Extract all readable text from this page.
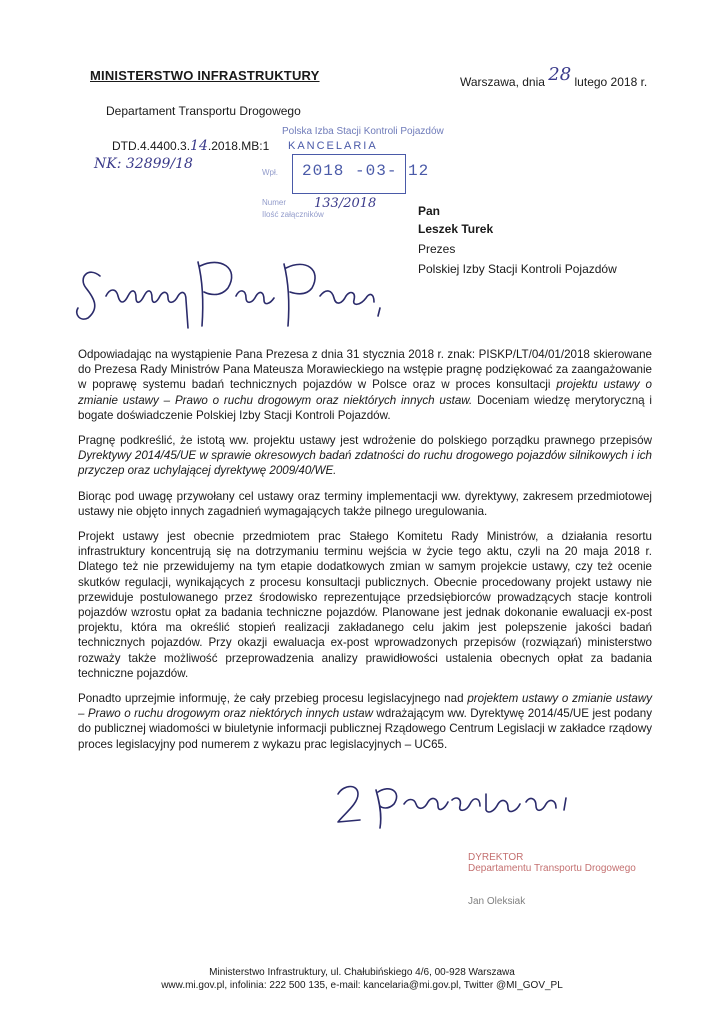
MINISTERSTWO INFRASTRUKTURY	Warszawa, dnia 28 lutego 2018 r.
Departament Transportu Drogowego
DTD.4.4400.3.14.2018.MB:1
NK: 32899/18
Polska Izba Stacji Kontroli Pojazdów
KANCELARIA
Wpł. 2018 -03- 12
Numer 133/2018
Ilość załączników	Pan
Leszek Turek
Prezes
Polskiej Izby Stacji Kontroli Pojazdów

Odpowiadając na wystąpienie Pana Prezesa z dnia 31 stycznia 2018 r. znak: PISKP/LT/04/01/2018 skierowane do Prezesa Rady Ministrów Pana Mateusza Morawieckiego na wstępie pragnę podziękować za zaangażowanie w poprawę systemu badań technicznych pojazdów w Polsce oraz w proces konsultacji projektu ustawy o zmianie ustawy – Prawo o ruchu drogowym oraz niektórych innych ustaw. Doceniam wiedzę merytoryczną i bogate doświadczenie Polskiej Izby Stacji Kontroli Pojazdów.

Pragnę podkreślić, że istotą ww. projektu ustawy jest wdrożenie do polskiego porządku prawnego przepisów Dyrektywy 2014/45/UE w sprawie okresowych badań zdatności do ruchu drogowego pojazdów silnikowych i ich przyczep oraz uchylającej dyrektywę 2009/40/WE.

Biorąc pod uwagę przywołany cel ustawy oraz terminy implementacji ww. dyrektywy, zakresem przedmiotowej ustawy nie objęto innych zagadnień wymagających także pilnego uregulowania.

Projekt ustawy jest obecnie przedmiotem prac Stałego Komitetu Rady Ministrów, a działania resortu infrastruktury koncentrują się na dotrzymaniu terminu wejścia w życie tego aktu, czyli na 20 maja 2018 r. Dlatego też nie przewidujemy na tym etapie dodatkowych zmian w samym projekcie ustawy, czy też ocenie skutków regulacji, wynikających z procesu konsultacji publicznych. Obecnie procedowany projekt ustawy nie przewiduje postulowanego przez środowisko reprezentujące przedsiębiorców prowadzących stacje kontroli pojazdów wzrostu opłat za badania techniczne pojazdów. Planowane jest jednak dokonanie ewaluacji ex-post projektu, która ma określić stopień realizacji zakładanego celu jakim jest polepszenie jakości badań technicznych pojazdów. Przy okazji ewaluacja ex-post wprowadzonych przepisów (rozwiązań) ministerstwo rozważy także możliwość przeprowadzenia analizy prawidłowości ustalenia obecnych opłat za badania techniczne pojazdów.

Ponadto uprzejmie informuję, że cały przebieg procesu legislacyjnego nad projektem ustawy o zmianie ustawy – Prawo o ruchu drogowym oraz niektórych innych ustaw wdrażającym ww. Dyrektywę 2014/45/UE jest podany do publicznej wiadomości w biuletynie informacji publicznej Rządowego Centrum Legislacji w zakładce rządowy proces legislacyjny pod numerem z wykazu prac legislacyjnych – UC65.

DYREKTOR
Departamentu Transportu Drogowego
Jan Oleksiak
Ministerstwo Infrastruktury, ul. Chałubińskiego 4/6, 00-928 Warszawa
www.mi.gov.pl, infolinia: 222 500 135, e-mail: kancelaria@mi.gov.pl, Twitter @MI_GOV_PL
